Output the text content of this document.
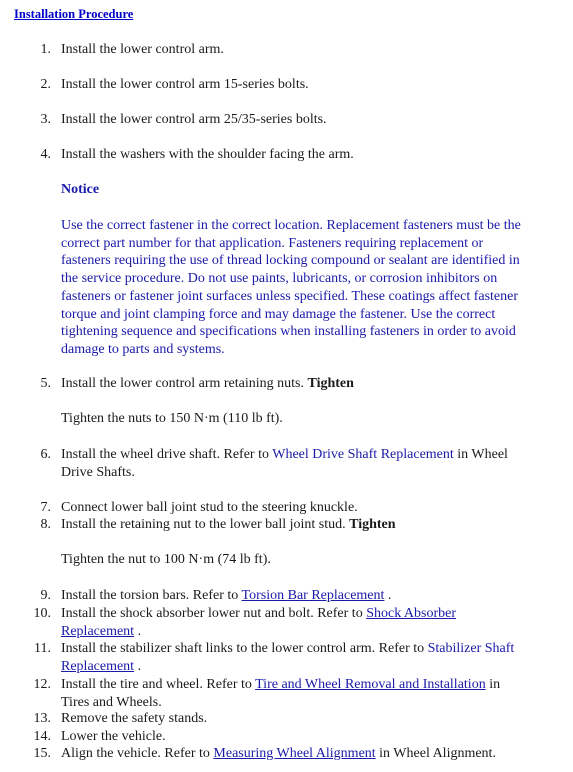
Installation Procedure
1. Install the lower control arm.
2. Install the lower control arm 15-series bolts.
3. Install the lower control arm 25/35-series bolts.
4. Install the washers with the shoulder facing the arm.
Notice
Use the correct fastener in the correct location. Replacement fasteners must be the
correct part number for that application. Fasteners requiring replacement or
fasteners requiring the use of thread locking compound or sealant are identified in
the service procedure. Do not use paints, lubricants, or corrosion inhibitors on
fasteners or fastener joint surfaces unless specified. These coatings affect fastener
torque and joint clamping force and may damage the fastener. Use the correct
tightening sequence and specifications when installing fasteners in order to avoid
damage to parts and systems.
5. Install the lower control arm retaining nuts. Tighten
Tighten the nuts to 150 N·m (110 lb ft).
6. Install the wheel drive shaft. Refer to Wheel Drive Shaft Replacement in Wheel
Drive Shafts.
7. Connect lower ball joint stud to the steering knuckle.
8. Install the retaining nut to the lower ball joint stud. Tighten
Tighten the nut to 100 N·m (74 lb ft).
9. Install the torsion bars. Refer to Torsion Bar Replacement .
10. Install the shock absorber lower nut and bolt. Refer to Shock Absorber
Replacement .
11. Install the stabilizer shaft links to the lower control arm. Refer to Stabilizer Shaft
Replacement .
12. Install the tire and wheel. Refer to Tire and Wheel Removal and Installation in
Tires and Wheels.
13. Remove the safety stands.
14. Lower the vehicle.
15. Align the vehicle. Refer to Measuring Wheel Alignment in Wheel Alignment.
